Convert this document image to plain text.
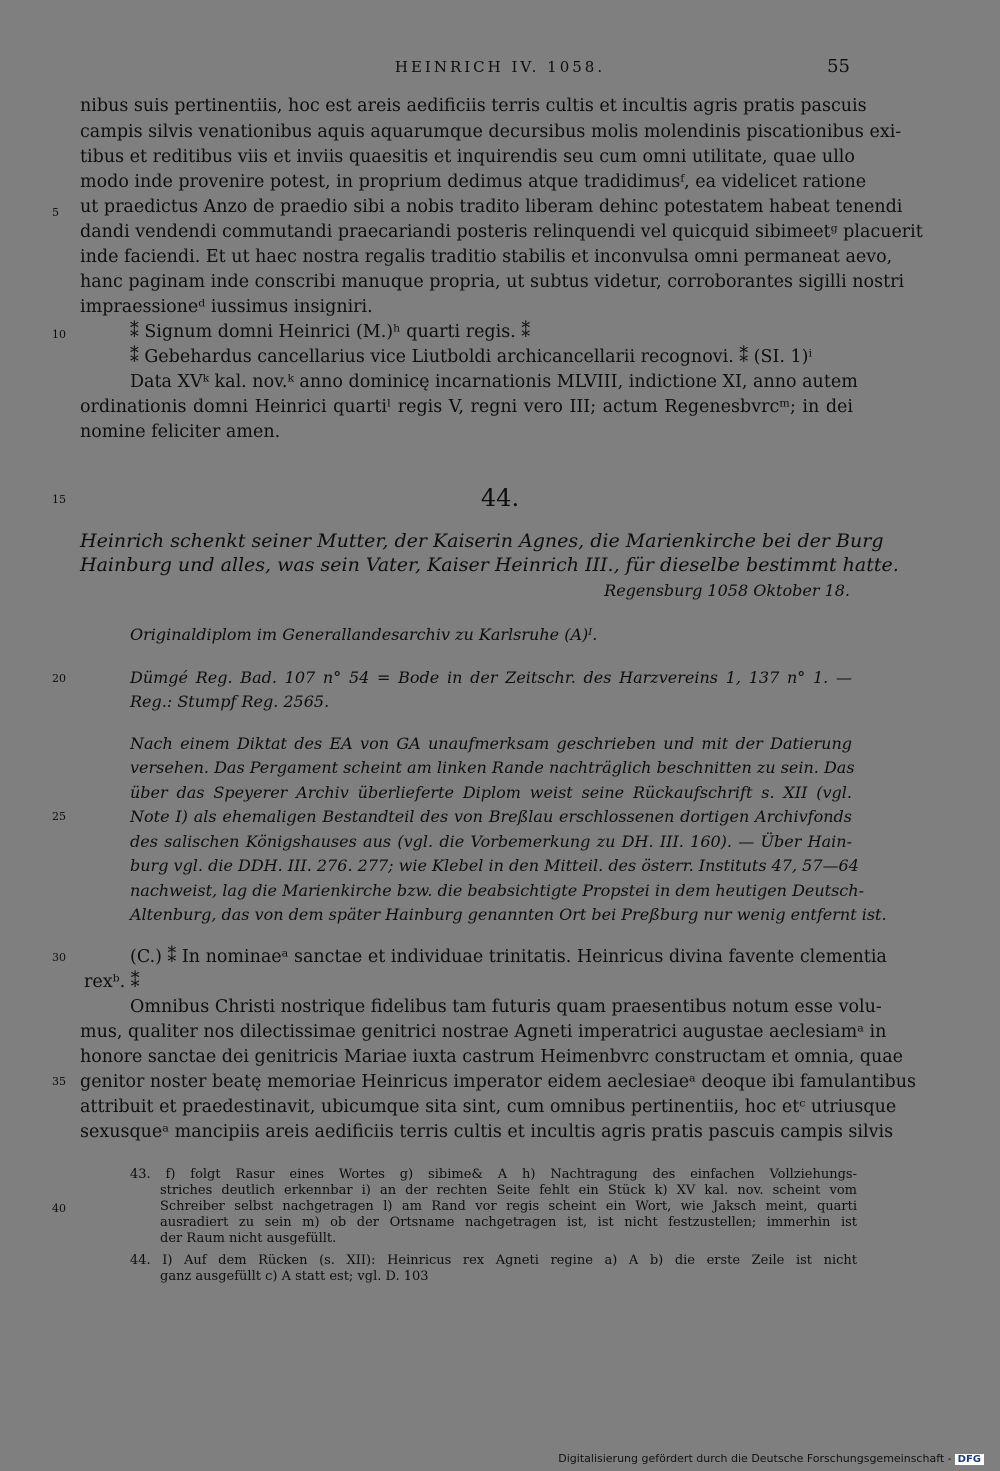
HEINRICH IV. 1058.	55
nibus suis pertinentiis, hoc est areis aedificiis terris cultis et incultis agris pratis pascuis
campis silvis venationibus aquis aquarumque decursibus molis molendinis piscationibus exi-
tibus et reditibus viis et inviis quaesitis et inquirendis seu cum omni utilitate, quae ullo
modo inde provenire potest, in proprium dedimus atque tradidimusᶠ, ea videlicet ratione
ut praedictus Anzo de praedio sibi a nobis tradito liberam dehinc potestatem habeat tenendi
dandi vendendi commutandi praecariandi posteris relinquendi vel quicquid sibimeetᵍ placuerit
inde faciendi. Et ut haec nostra regalis traditio stabilis et inconvulsa omni permaneat aevo,
hanc paginam inde conscribi manuque propria, ut subtus videtur, corroborantes sigilli nostri
impraessioneᵈ iussimus insigniri.
⁑ Signum domni Heinrici (M.)ʰ quarti regis. ⁑
⁑ Gebehardus cancellarius vice Liutboldi archicancellarii recognovi. ⁑ (SI. 1)ⁱ
Data XVᵏ kal. nov.ᵏ anno dominicę incarnationis MLVIII, indictione XI, anno autem
ordinationis domni Heinrici quartiˡ regis V, regni vero III; actum Regenesbvrcᵐ; in dei
nomine feliciter amen.
44.
Heinrich schenkt seiner Mutter, der Kaiserin Agnes, die Marienkirche bei der Burg
Hainburg und alles, was sein Vater, Kaiser Heinrich III., für dieselbe bestimmt hatte.
Regensburg 1058 Oktober 18.
Originaldiplom im Generallandesarchiv zu Karlsruhe (A)ᴵ.
Dümgé Reg. Bad. 107 n° 54 = Bode in der Zeitschr. des Harzvereins 1, 137 n° 1. —
Reg.: Stumpf Reg. 2565.
Nach einem Diktat des EA von GA unaufmerksam geschrieben und mit der Datierung
versehen. Das Pergament scheint am linken Rande nachträglich beschnitten zu sein. Das
über das Speyerer Archiv überlieferte Diplom weist seine Rückaufschrift s. XII (vgl.
Note I) als ehemaligen Bestandteil des von Breßlau erschlossenen dortigen Archivfonds
des salischen Königshauses aus (vgl. die Vorbemerkung zu DH. III. 160). — Über Hain-
burg vgl. die DDH. III. 276. 277; wie Klebel in den Mitteil. des österr. Instituts 47, 57—64
nachweist, lag die Marienkirche bzw. die beabsichtigte Propstei in dem heutigen Deutsch-
Altenburg, das von dem später Hainburg genannten Ort bei Preßburg nur wenig entfernt ist.
(C.) ⁑ In nominaeᵃ sanctae et individuae trinitatis. Heinricus divina favente clementia
rexᵇ. ⁑
Omnibus Christi nostrique fidelibus tam futuris quam praesentibus notum esse volu-
mus, qualiter nos dilectissimae genitrici nostrae Agneti imperatrici augustae aeclesiamᵃ in
honore sanctae dei genitricis Mariae iuxta castrum Heimenbvrc constructam et omnia, quae
genitor noster beatę memoriae Heinricus imperator eidem aeclesiaeᵃ deoque ibi famulantibus
attribuit et praedestinavit, ubicumque sita sint, cum omnibus pertinentiis, hoc etᶜ utriusque
sexusqueᵃ mancipiis areis aedificiis terris cultis et incultis agris pratis pascuis campis silvis
5
10
15
20
25
30
35
40
43. f) folgt Rasur eines Wortes g) sibime& A h) Nachtragung des einfachen Vollziehungs-
striches deutlich erkennbar i) an der rechten Seite fehlt ein Stück k) XV kal. nov. scheint vom
Schreiber selbst nachgetragen l) am Rand vor regis scheint ein Wort, wie Jaksch meint, quarti
ausradiert zu sein m) ob der Ortsname nachgetragen ist, ist nicht festzustellen; immerhin ist
der Raum nicht ausgefüllt.
44. I) Auf dem Rücken (s. XII): Heinricus rex Agneti regine a) A b) die erste Zeile ist nicht
ganz ausgefüllt c) A statt est; vgl. D. 103
Digitalisierung gefördert durch die Deutsche Forschungsgemeinschaft - DFG
